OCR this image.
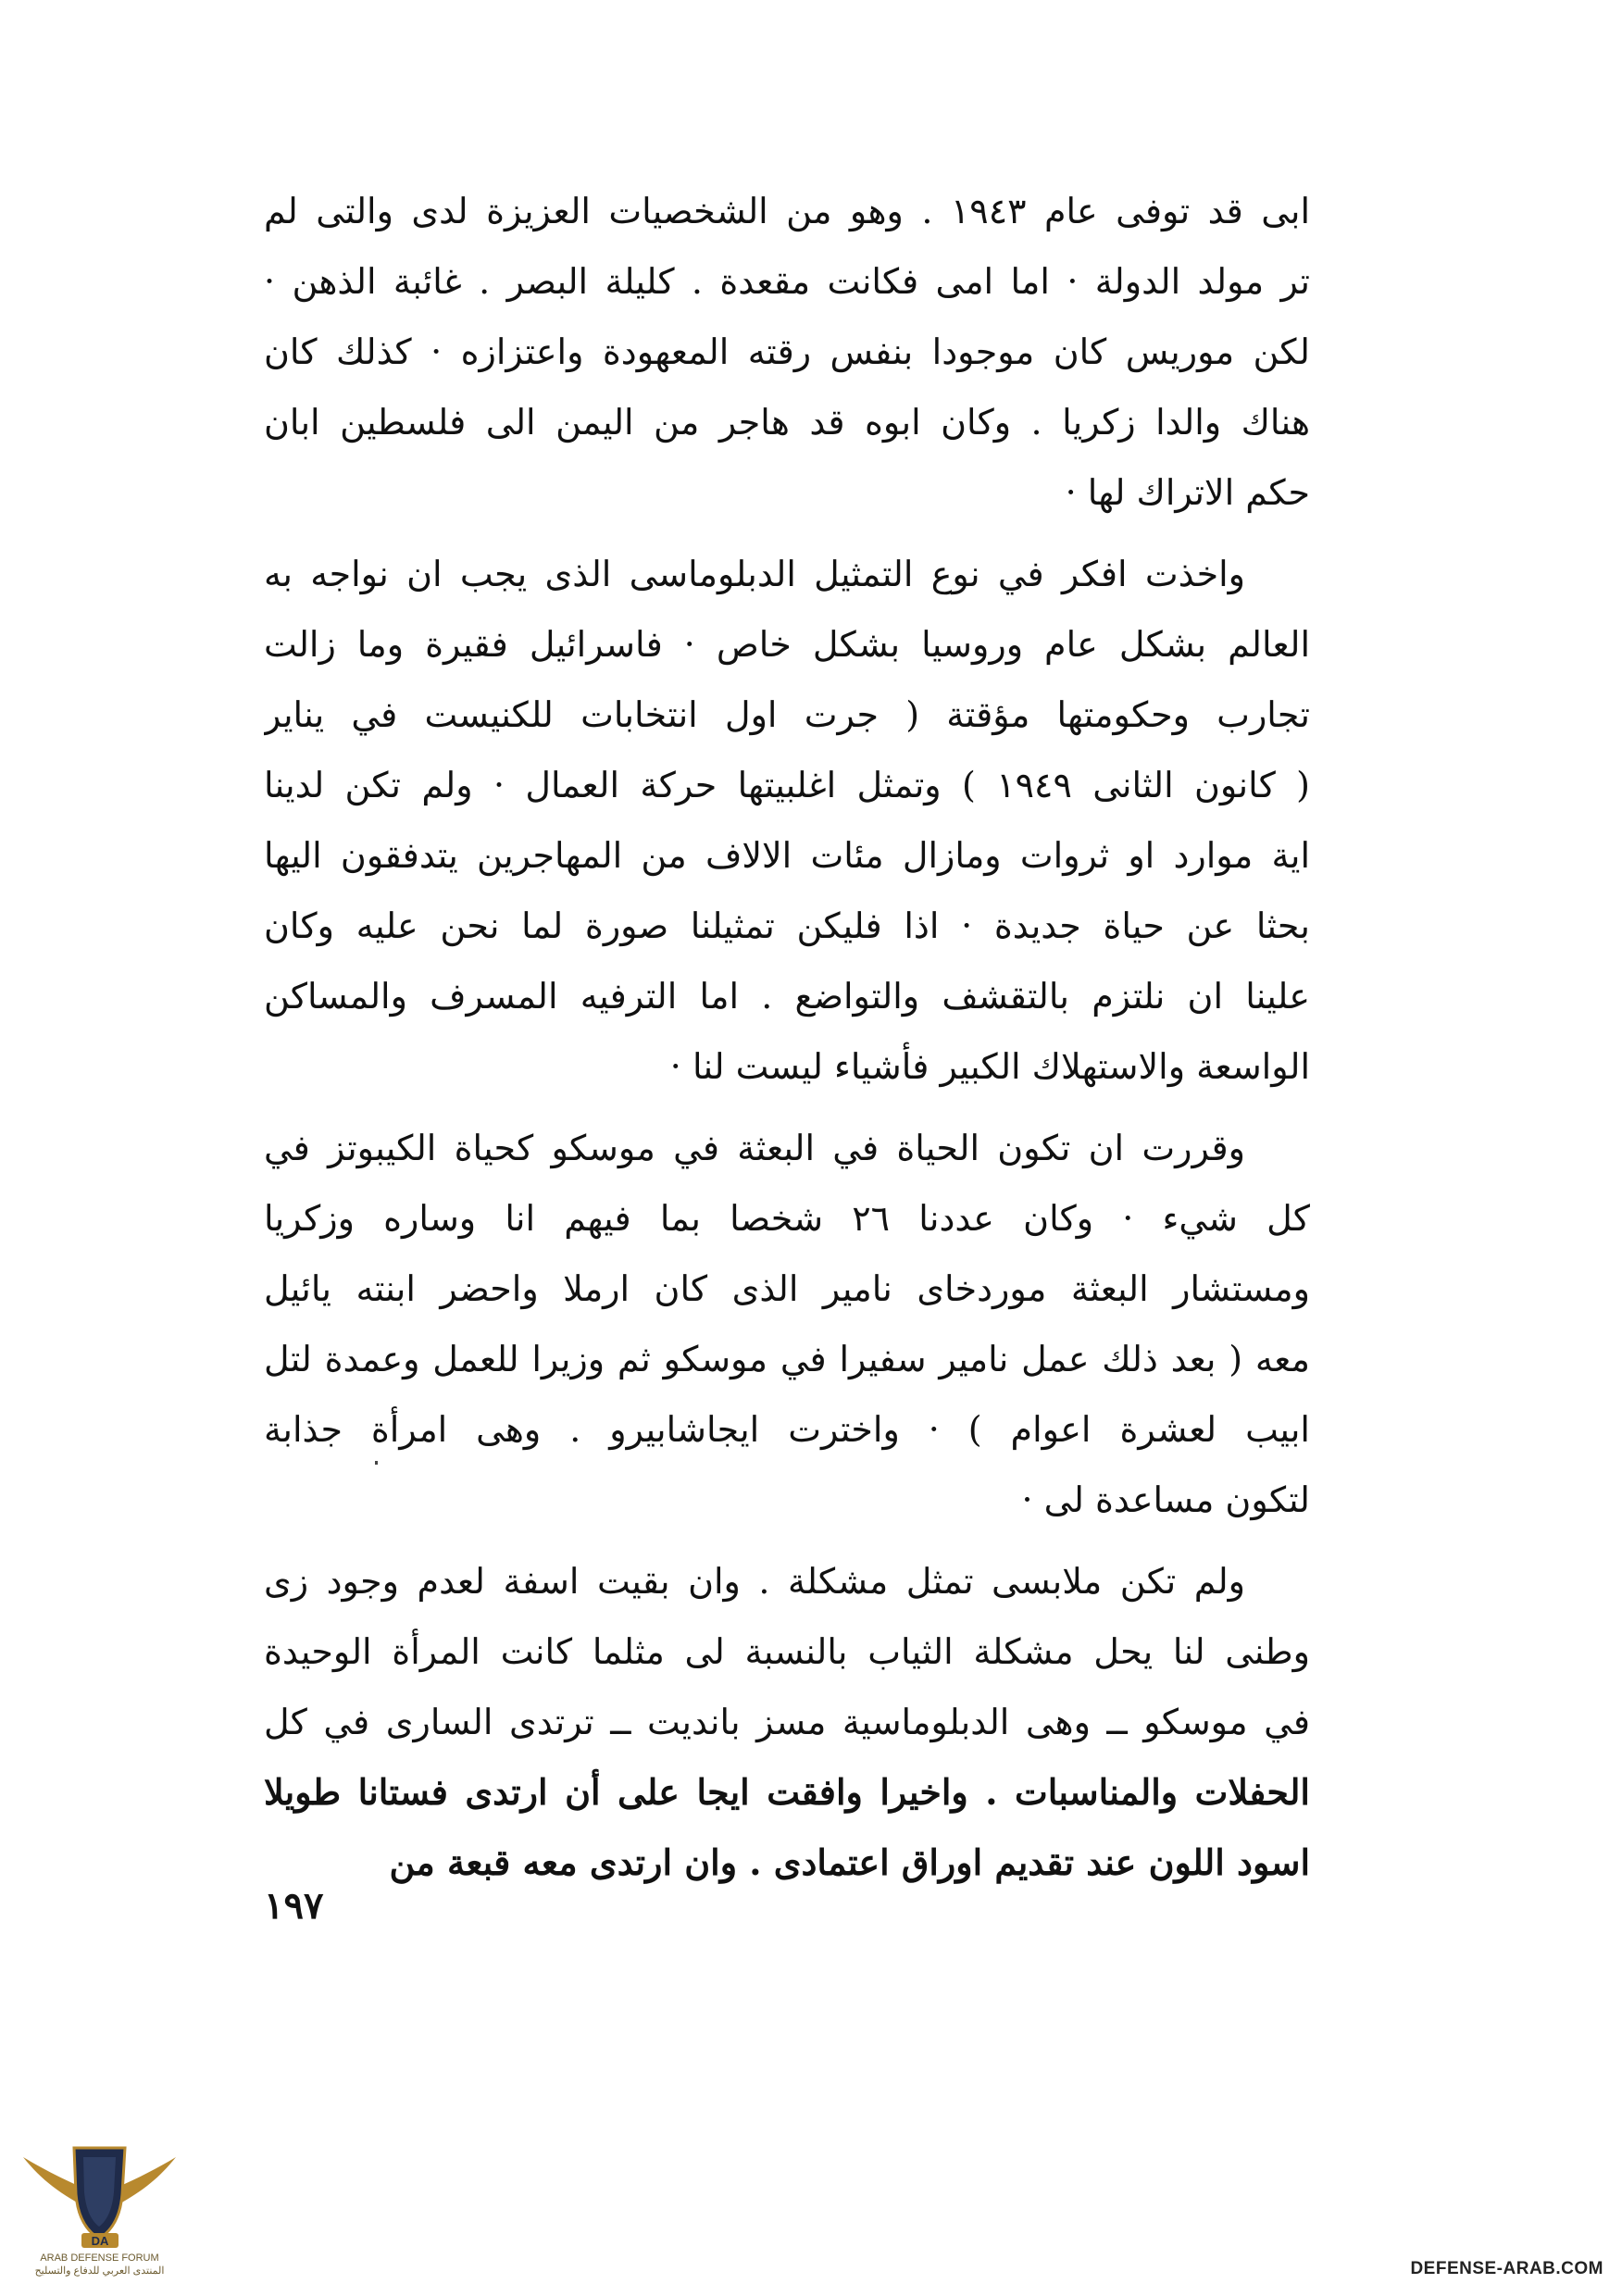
ابى قد توفى عام ١٩٤٣ . وهو من الشخصيات العزيزة لدى والتى لم
تر مولد الدولة · اما امى فكانت مقعدة . كليلة البصر . غائبة الذهن ·
لكن موريس كان موجودا بنفس رقته المعهودة واعتزازه · كذلك كان
هناك والدا زكريا . وكان ابوه قد هاجر من اليمن الى فلسطين ابان
حكم الاتراك لها ·
واخذت افكر في نوع التمثيل الدبلوماسى الذى يجب ان نواجه به
العالم بشكل عام وروسيا بشكل خاص · فاسرائيل فقيرة وما زالت
تجارب وحكومتها مؤقتة ( جرت اول انتخابات للكنيست في يناير
( كانون الثانى ١٩٤٩ ) وتمثل اغلبيتها حركة العمال · ولم تكن لدينا
اية موارد او ثروات ومازال مئات الالاف من المهاجرين يتدفقون اليها
بحثا عن حياة جديدة · اذا فليكن تمثيلنا صورة لما نحن عليه وكان
علينا ان نلتزم بالتقشف والتواضع . اما الترفيه المسرف والمساكن
الواسعة والاستهلاك الكبير فأشياء ليست لنا ·
وقررت ان تكون الحياة في البعثة في موسكو كحياة الكيبوتز في
كل شيء · وكان عددنا ٢٦ شخصا بما فيهم انا وساره وزكريا
ومستشار البعثة موردخاى نامير الذى كان ارملا واحضر ابنته يائيل
معه ( بعد ذلك عمل نامير سفيرا في موسكو ثم وزيرا للعمل وعمدة لتل
ابيب لعشرة اعوام ) · واخترت ايجاشابيرو . وهى امرأة جذابة
لتكون مساعدة لى ·
ولم تكن ملابسى تمثل مشكلة . وان بقيت اسفة لعدم وجود زى
وطنى لنا يحل مشكلة الثياب بالنسبة لى مثلما كانت المرأة الوحيدة
في موسكو ــ وهى الدبلوماسية مسز بانديت ــ ترتدى السارى في كل
الحفلات والمناسبات . واخيرا وافقت ايجا على أن ارتدى فستانا طويلا
اسود اللون عند تقديم اوراق اعتمادى . وان ارتدى معه قبعة من
١٩٧
DA
ARAB DEFENSE FORUM
المنتدى العربي للدفاع والتسليح	DEFENSE-ARAB.COM
